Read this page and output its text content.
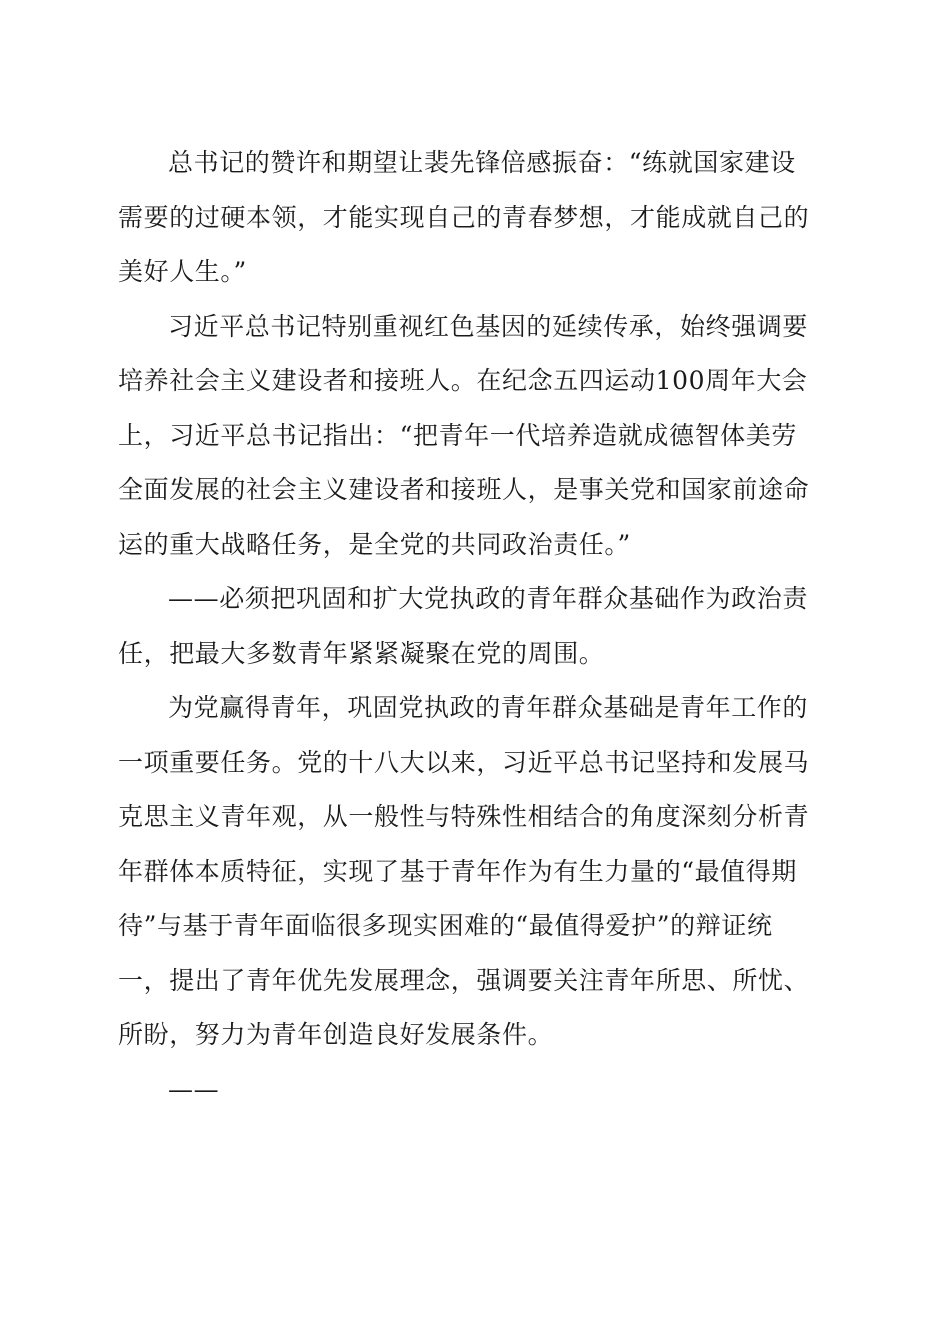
总书记的赞许和期望让裴先锋倍感振奋：“练就国家建设
需要的过硬本领，才能实现自己的青春梦想，才能成就自己的
美好人生。”

习近平总书记特别重视红色基因的延续传承，始终强调要
培养社会主义建设者和接班人。在纪念五四运动100周年大会
上，习近平总书记指出：“把青年一代培养造就成德智体美劳
全面发展的社会主义建设者和接班人，是事关党和国家前途命
运的重大战略任务，是全党的共同政治责任。”

——必须把巩固和扩大党执政的青年群众基础作为政治责
任，把最大多数青年紧紧凝聚在党的周围。

为党赢得青年，巩固党执政的青年群众基础是青年工作的
一项重要任务。党的十八大以来，习近平总书记坚持和发展马
克思主义青年观，从一般性与特殊性相结合的角度深刻分析青
年群体本质特征，实现了基于青年作为有生力量的“最值得期
待”与基于青年面临很多现实困难的“最值得爱护”的辩证统
一，提出了青年优先发展理念，强调要关注青年所思、所忧、
所盼，努力为青年创造良好发展条件。

——
